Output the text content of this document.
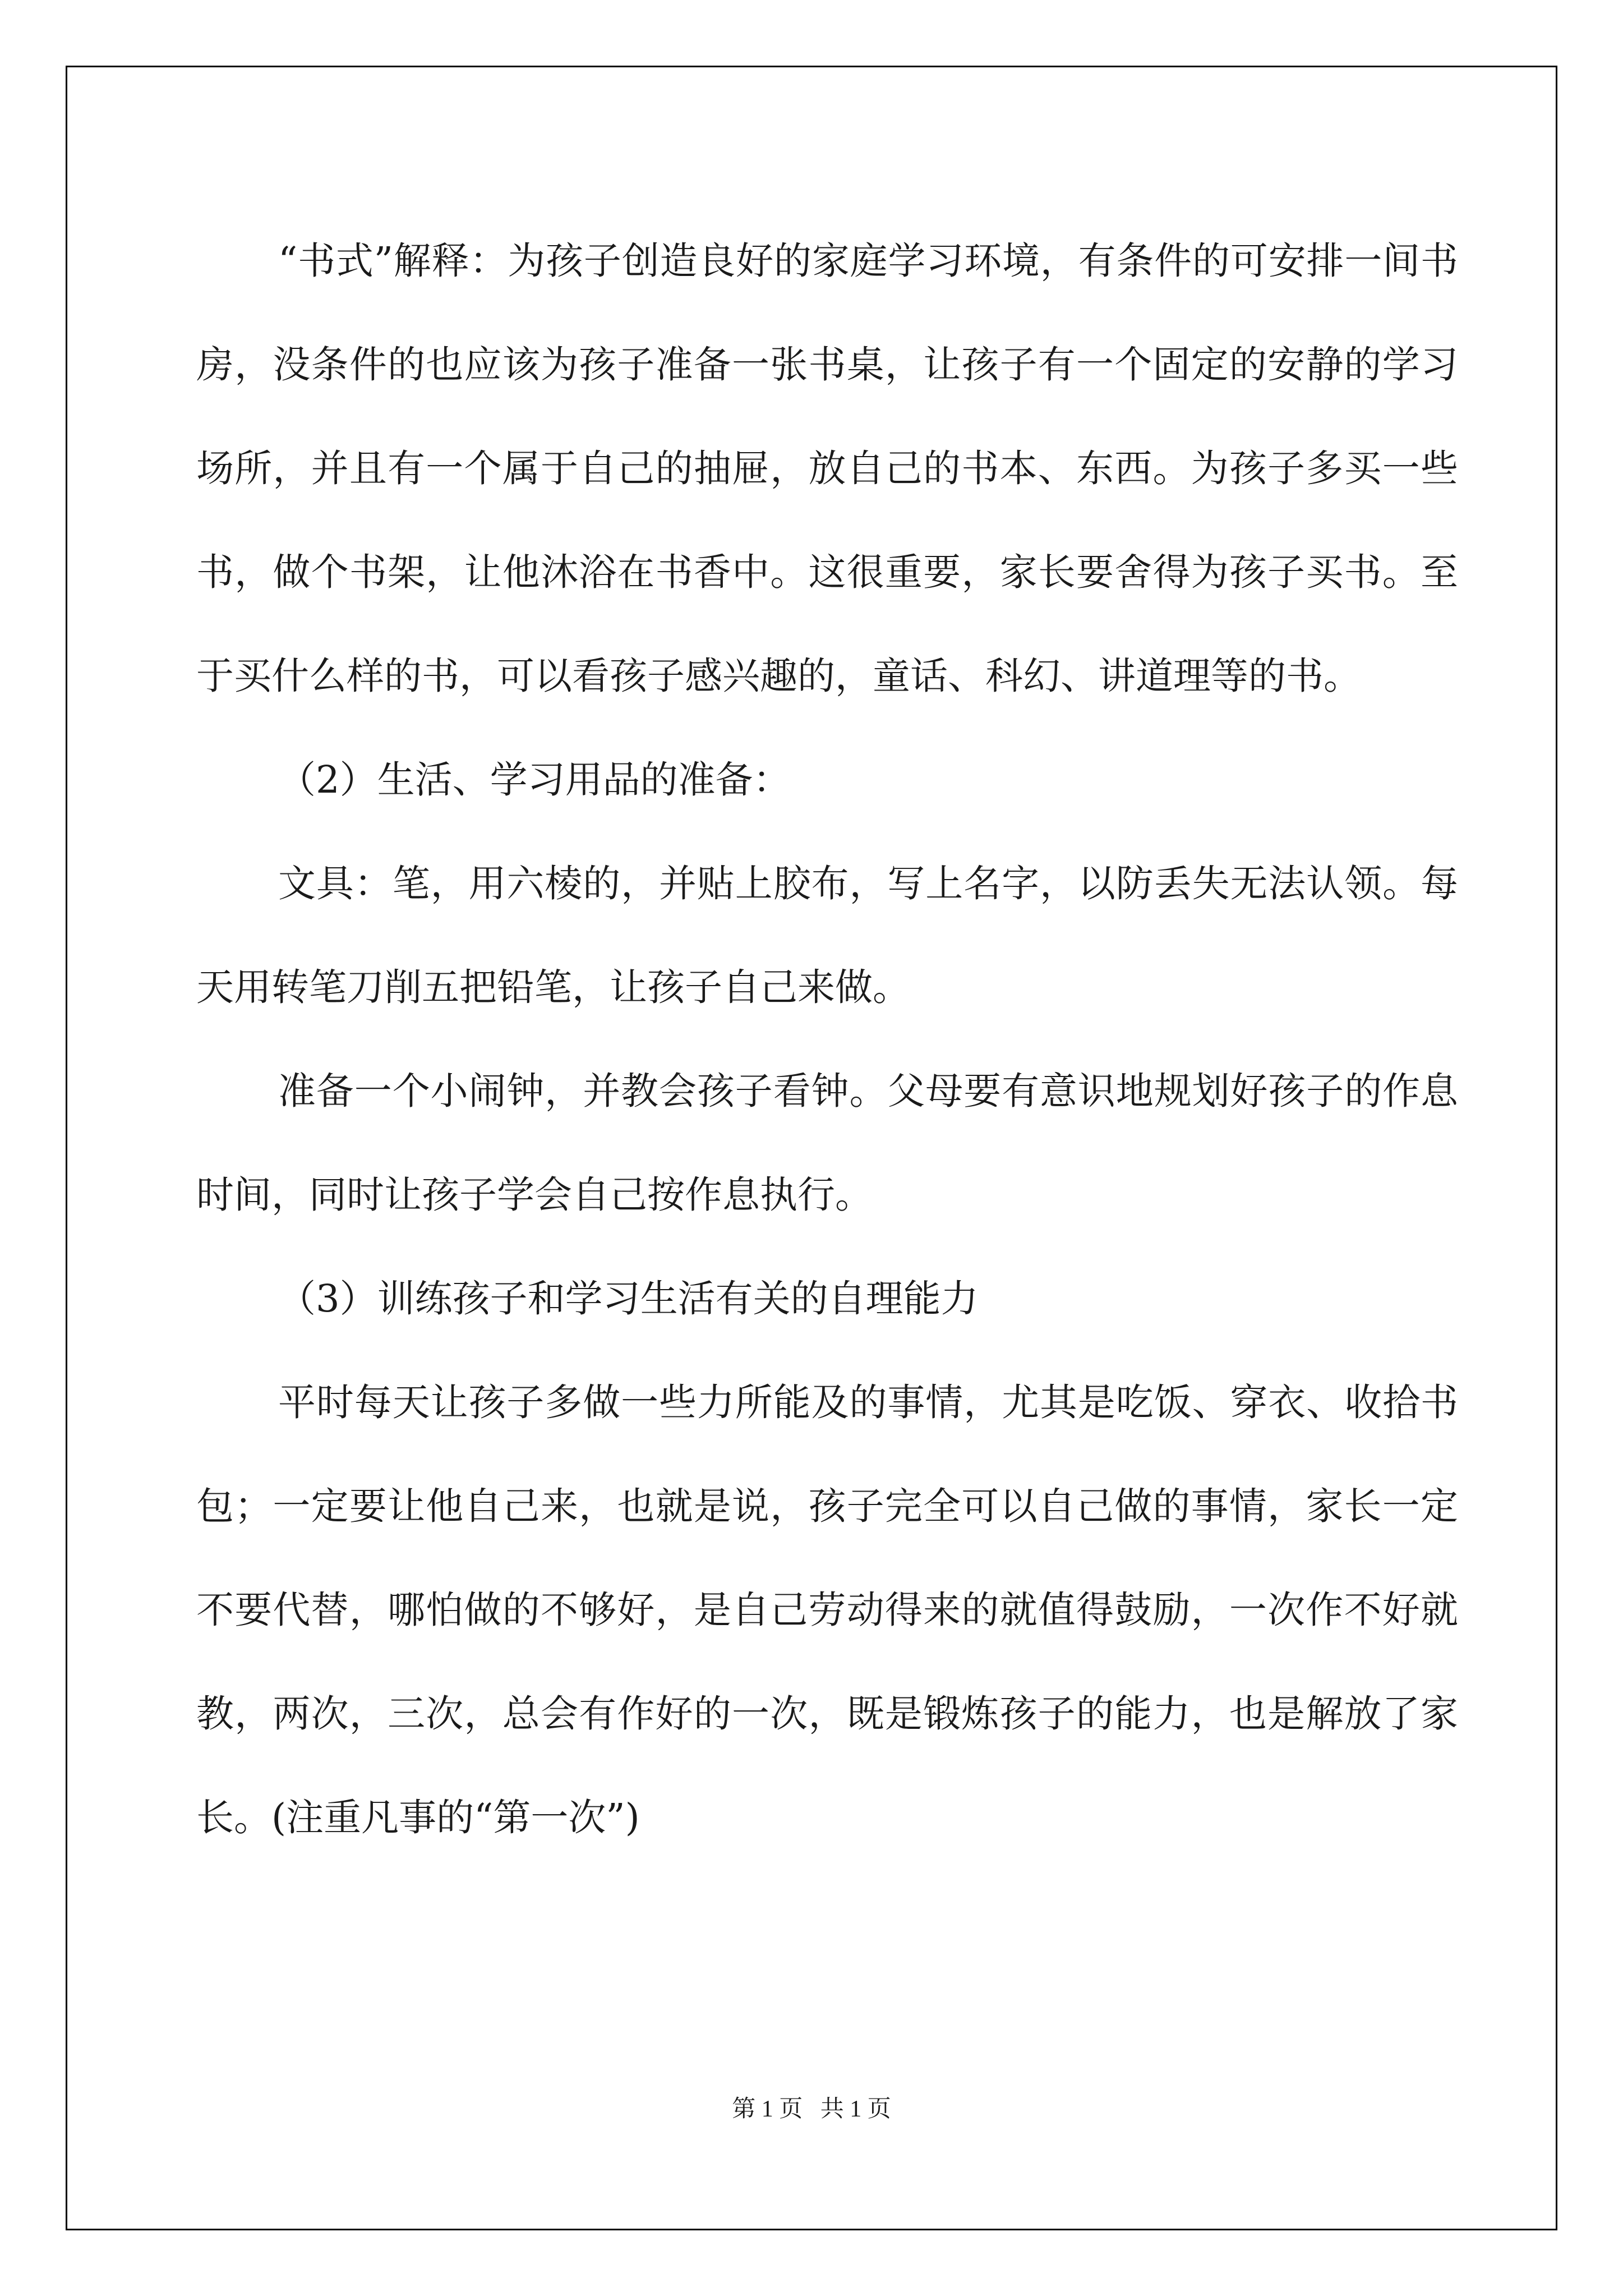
“书式”解释：为孩子创造良好的家庭学习环境，有条件的可安排一间书房，没条件的也应该为孩子准备一张书桌，让孩子有一个固定的安静的学习场所，并且有一个属于自己的抽屉，放自己的书本、东西。为孩子多买一些书，做个书架，让他沐浴在书香中。这很重要，家长要舍得为孩子买书。至于买什么样的书，可以看孩子感兴趣的，童话、科幻、讲道理等的书。

（2）生活、学习用品的准备：

文具：笔，用六棱的，并贴上胶布，写上名字，以防丢失无法认领。每天用转笔刀削五把铅笔，让孩子自己来做。

准备一个小闹钟，并教会孩子看钟。父母要有意识地规划好孩子的作息时间，同时让孩子学会自己按作息执行。

（3）训练孩子和学习生活有关的自理能力

平时每天让孩子多做一些力所能及的事情，尤其是吃饭、穿衣、收拾书包；一定要让他自己来，也就是说，孩子完全可以自己做的事情，家长一定不要代替，哪怕做的不够好，是自己劳动得来的就值得鼓励，一次作不好就教，两次，三次，总会有作好的一次，既是锻炼孩子的能力，也是解放了家长。(注重凡事的“第一次”)

第 1 页   共 1 页
